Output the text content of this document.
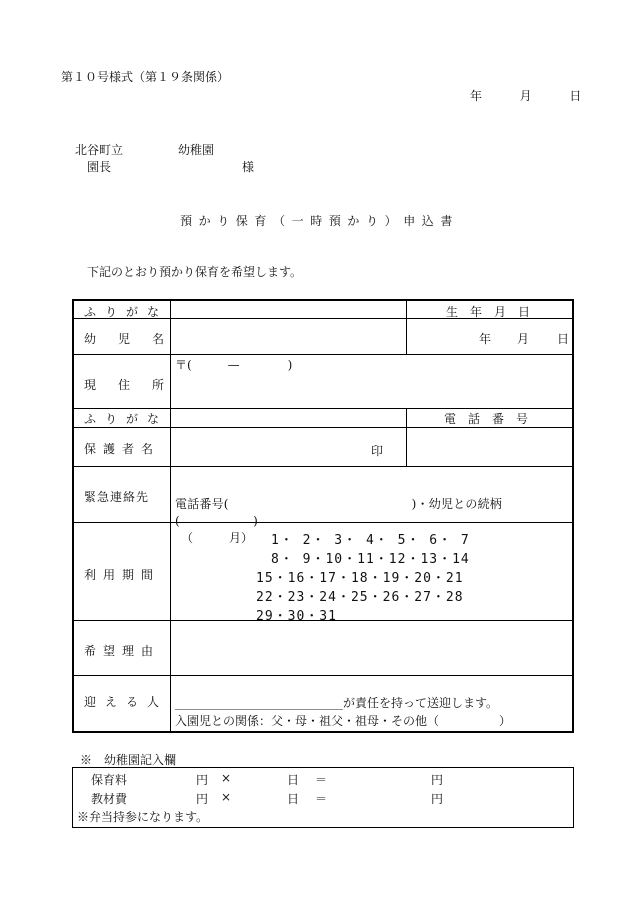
第１０号様式（第１９条関係）
年	月	日
北谷町立	幼稚園
園長	様
預かり保育（一時預かり）申込書
下記のとおり預かり保育を希望します。
ふりがな	生年月日
幼児名	年 月 日
現住所
〒(　　　—　　　　)
ふりがな	電話番号
保護者名	印
緊急連絡先 電話番号(　　　　　　　　　　　　　　　)・幼児との続柄(　　　　　　)
利用期間
（　　　月） 1・ 2・ 3・ 4・ 5・ 6・ 7
8・ 9・10・11・12・13・14
15・16・17・18・19・20・21
22・23・24・25・26・27・28
29・30・31
希望理由
迎える人 ____________________________が責任を持って送迎します。
入園児との関係：父・母・祖父・祖母・その他（　　　　　）
※　幼稚園記入欄
保育料	円 ×	日 ＝	円
教材費	円 ×	日 ＝	円
※弁当持参になります。
